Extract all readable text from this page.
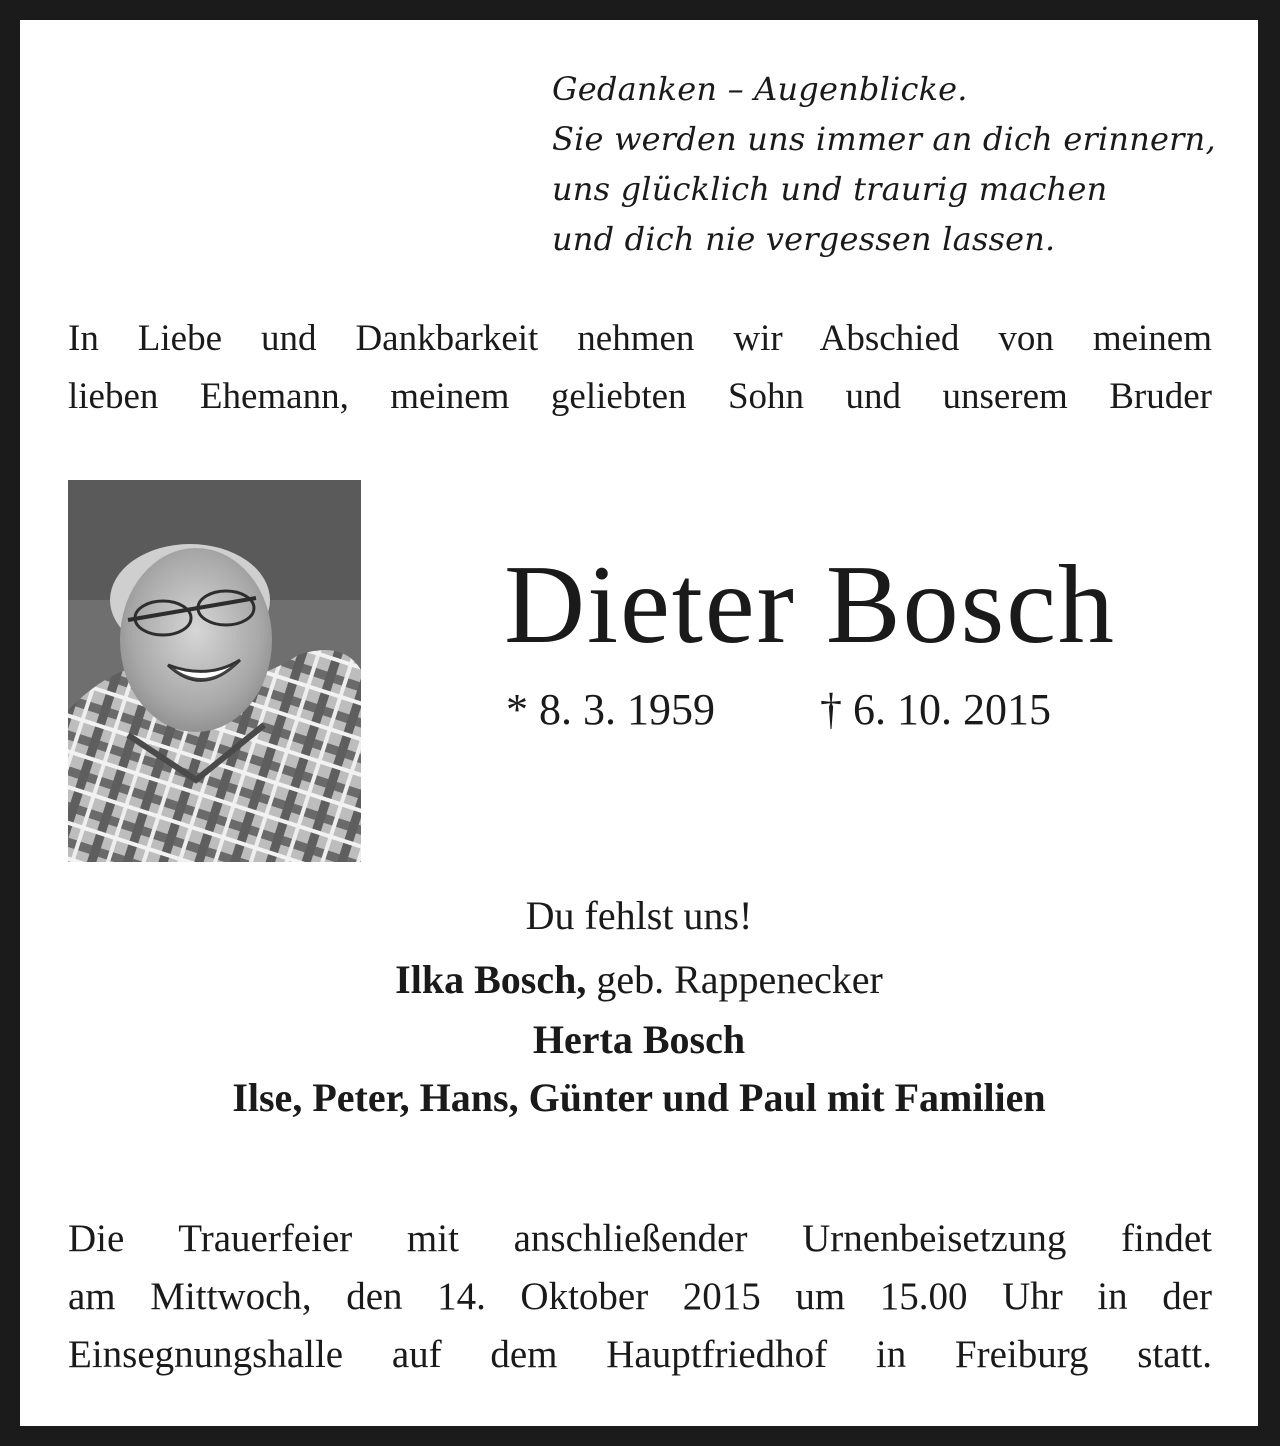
Gedanken – Augenblicke.
Sie werden uns immer an dich erinnern,
uns glücklich und traurig machen
und dich nie vergessen lassen.
In Liebe und Dankbarkeit nehmen wir Abschied von meinem
lieben Ehemann, meinem geliebten Sohn und unserem Bruder
Dieter Bosch
* 8. 3. 1959 † 6. 10. 2015
Du fehlst uns!
Ilka Bosch, geb. Rappenecker
Herta Bosch
Ilse, Peter, Hans, Günter und Paul mit Familien
Die Trauerfeier mit anschließender Urnenbeisetzung findet
am Mittwoch, den 14. Oktober 2015 um 15.00 Uhr in der
Einsegnungshalle auf dem Hauptfriedhof in Freiburg statt.
